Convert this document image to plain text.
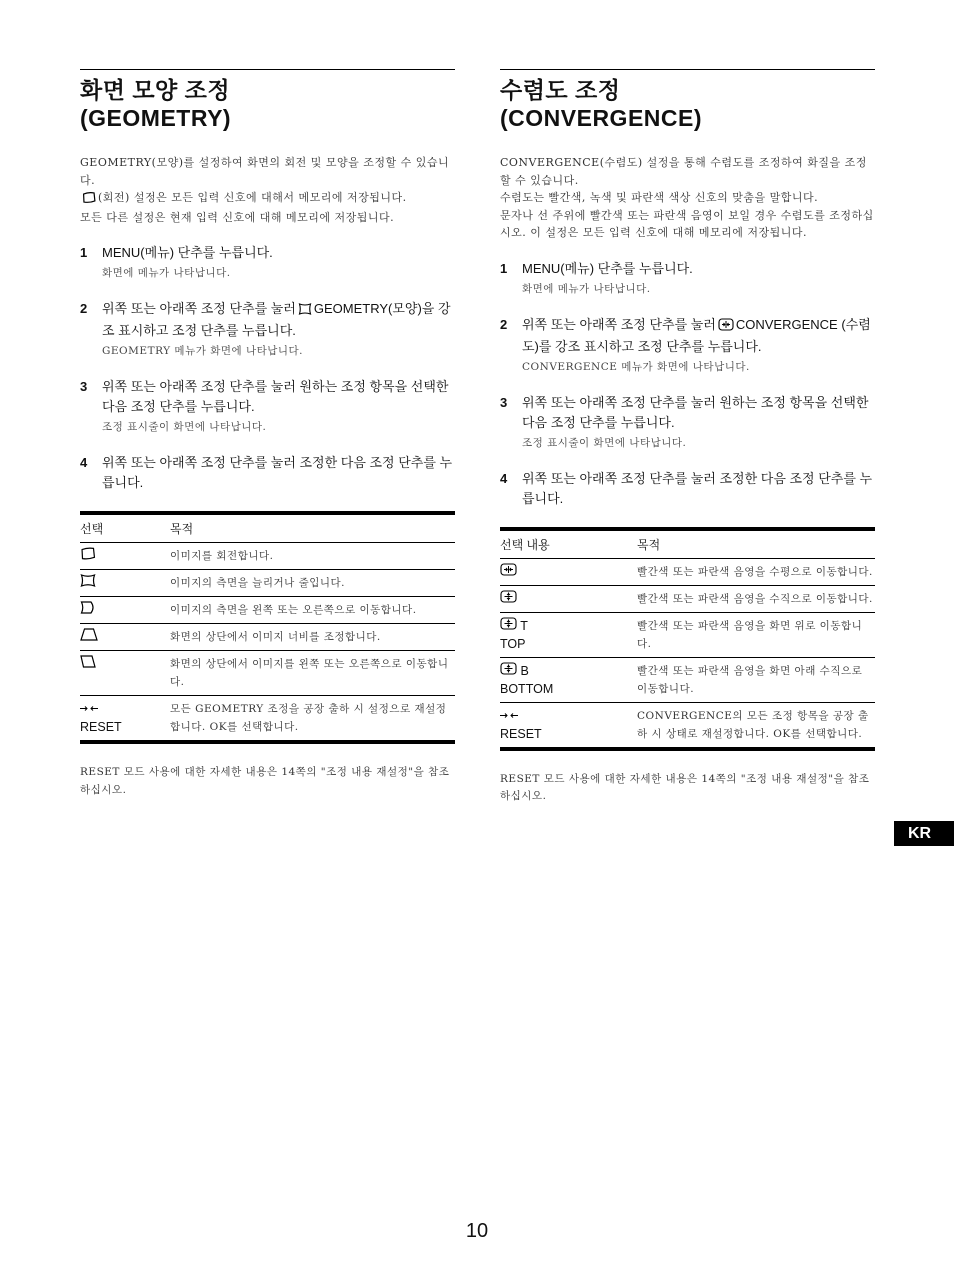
화면 모양 조정
(GEOMETRY)

GEOMETRY(모양)를 설정하여 화면의 회전 및 모양을 조정할 수 있습니다.

(회전) 설정은 모든 입력 신호에 대해서 메모리에 저장됩니다.

모든 다른 설정은 현재 입력 신호에 대해 메모리에 저장됩니다.

1 MENU(메뉴) 단추를 누릅니다.
화면에 메뉴가 나타납니다.
2 위쪽 또는 아래쪽 조정 단추를 눌러 GEOMETRY(모양)을 강조 표시하고 조정 단추를 누릅니다.
GEOMETRY 메뉴가 화면에 나타납니다.
3 위쪽 또는 아래쪽 조정 단추를 눌러 원하는 조정 항목을 선택한 다음 조정 단추를 누릅니다.
조정 표시줄이 화면에 나타납니다.
4 위쪽 또는 아래쪽 조정 단추를 눌러 조정한 다음 조정 단추를 누릅니다.
선택	목적
	이미지를 회전합니다.
	이미지의 측면을 늘리거나 줄입니다.
	이미지의 측면을 왼쪽 또는 오른쪽으로 이동합니다.
	화면의 상단에서 이미지 너비를 조정합니다.
	화면의 상단에서 이미지를 왼쪽 또는 오른쪽으로 이동합니다.

RESET	모든 GEOMETRY 조정을 공장 출하 시 설정으로 재설정합니다. OK를 선택합니다.
RESET 모드 사용에 대한 자세한 내용은 14쪽의 "조정 내용 재설정"을 참조하십시오.
수렴도 조정
(CONVERGENCE)

CONVERGENCE(수렴도) 설정을 통해 수렴도를 조정하여 화질을 조정할 수 있습니다.

수렴도는 빨간색, 녹색 및 파란색 색상 신호의 맞춤을 말합니다.

문자나 선 주위에 빨간색 또는 파란색 음영이 보일 경우 수렴도를 조정하십시오. 이 설정은 모든 입력 신호에 대해 메모리에 저장됩니다.

1 MENU(메뉴) 단추를 누릅니다.
화면에 메뉴가 나타납니다.
2 위쪽 또는 아래쪽 조정 단추를 눌러 CONVERGENCE (수렴도)를 강조 표시하고 조정 단추를 누릅니다.
CONVERGENCE 메뉴가 화면에 나타납니다.
3 위쪽 또는 아래쪽 조정 단추를 눌러 원하는 조정 항목을 선택한 다음 조정 단추를 누릅니다.
조정 표시줄이 화면에 나타납니다.
4 위쪽 또는 아래쪽 조정 단추를 눌러 조정한 다음 조정 단추를 누릅니다.
선택 내용	목적
	빨간색 또는 파란색 음영을 수평으로 이동합니다.
	빨간색 또는 파란색 음영을 수직으로 이동합니다.
T
TOP	빨간색 또는 파란색 음영을 화면 위로 이동합니다.
B
BOTTOM	빨간색 또는 파란색 음영을 화면 아래 수직으로 이동합니다.

RESET	CONVERGENCE의 모든 조정 항목을 공장 출하 시 상태로 재설정합니다. OK를 선택합니다.
RESET 모드 사용에 대한 자세한 내용은 14쪽의 "조정 내용 재설정"을 참조하십시오.
KR
10
